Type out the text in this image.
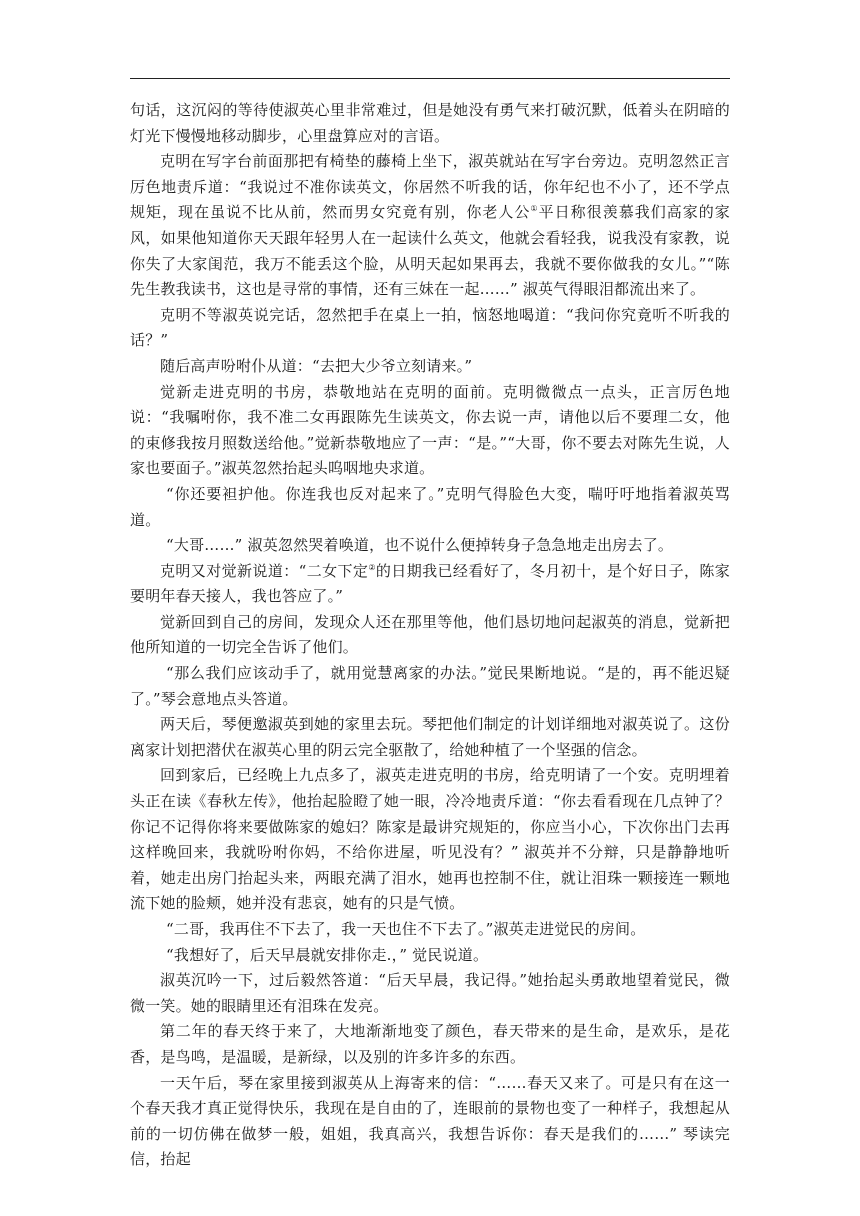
句话，这沉闷的等待使淑英心里非常难过，但是她没有勇气来打破沉默，低着头在阴暗的灯光下慢慢地移动脚步，心里盘算应对的言语。

克明在写字台前面那把有椅垫的藤椅上坐下，淑英就站在写字台旁边。克明忽然正言厉色地责斥道：“我说过不准你读英文，你居然不听我的话，你年纪也不小了，还不学点规矩，现在虽说不比从前，然而男女究竟有别，你老人公①平日称很羡慕我们高家的家风，如果他知道你天天跟年轻男人在一起读什么英文，他就会看轻我，说我没有家教，说你失了大家闺范，我万不能丢这个脸，从明天起如果再去，我就不要你做我的女儿。”“陈先生教我读书，这也是寻常的事情，还有三妹在一起……” 淑英气得眼泪都流出来了。

克明不等淑英说完话，忽然把手在桌上一拍，恼怒地喝道：“我问你究竟听不听我的话？”

随后高声吩咐仆从道：“去把大少爷立刻请来。”

觉新走进克明的书房，恭敬地站在克明的面前。克明微微点一点头，正言厉色地说：“我嘱咐你，我不准二女再跟陈先生读英文，你去说一声，请他以后不要理二女，他的束修我按月照数送给他。”觉新恭敬地应了一声：“是。”“大哥，你不要去对陈先生说，人家也要面子。”淑英忽然抬起头呜咽地央求道。

“你还要袒护他。你连我也反对起来了。”克明气得脸色大变，喘吁吁地指着淑英骂道。

“大哥……” 淑英忽然哭着唤道，也不说什么便掉转身子急急地走出房去了。

克明又对觉新说道：“二女下定②的日期我已经看好了，冬月初十，是个好日子，陈家要明年春天接人，我也答应了。”

觉新回到自己的房间，发现众人还在那里等他，他们恳切地问起淑英的消息，觉新把他所知道的一切完全告诉了他们。

“那么我们应该动手了，就用觉慧离家的办法。”觉民果断地说。“是的，再不能迟疑了。”琴会意地点头答道。

两天后，琴便邀淑英到她的家里去玩。琴把他们制定的计划详细地对淑英说了。这份离家计划把潜伏在淑英心里的阴云完全驱散了，给她种植了一个坚强的信念。

回到家后，已经晚上九点多了，淑英走进克明的书房，给克明请了一个安。克明埋着头正在读《春秋左传》，他抬起脸瞪了她一眼，冷冷地责斥道：“你去看看现在几点钟了？你记不记得你将来要做陈家的媳妇？陈家是最讲究规矩的，你应当小心，下次你出门去再这样晚回来，我就吩咐你妈，不给你进屋，听见没有？” 淑英并不分辩，只是静静地听着，她走出房门抬起头来，两眼充满了泪水，她再也控制不住，就让泪珠一颗接连一颗地流下她的脸颊，她并没有悲哀，她有的只是气愤。

“二哥，我再住不下去了，我一天也住不下去了。”淑英走进觉民的房间。

“我想好了，后天早晨就安排你走.，” 觉民说道。

淑英沉吟一下，过后毅然答道：“后天早晨，我记得。”她抬起头勇敢地望着觉民，微微一笑。她的眼睛里还有泪珠在发亮。

第二年的春天终于来了，大地渐渐地变了颜色，春天带来的是生命，是欢乐，是花香，是鸟鸣，是温暖，是新绿，以及别的许多许多的东西。

一天午后，琴在家里接到淑英从上海寄来的信：“……春天又来了。可是只有在这一个春天我才真正觉得快乐，我现在是自由的了，连眼前的景物也变了一种样子，我想起从前的一切仿佛在做梦一般，姐姐，我真高兴，我想告诉你：春天是我们的……” 琴读完信，抬起
